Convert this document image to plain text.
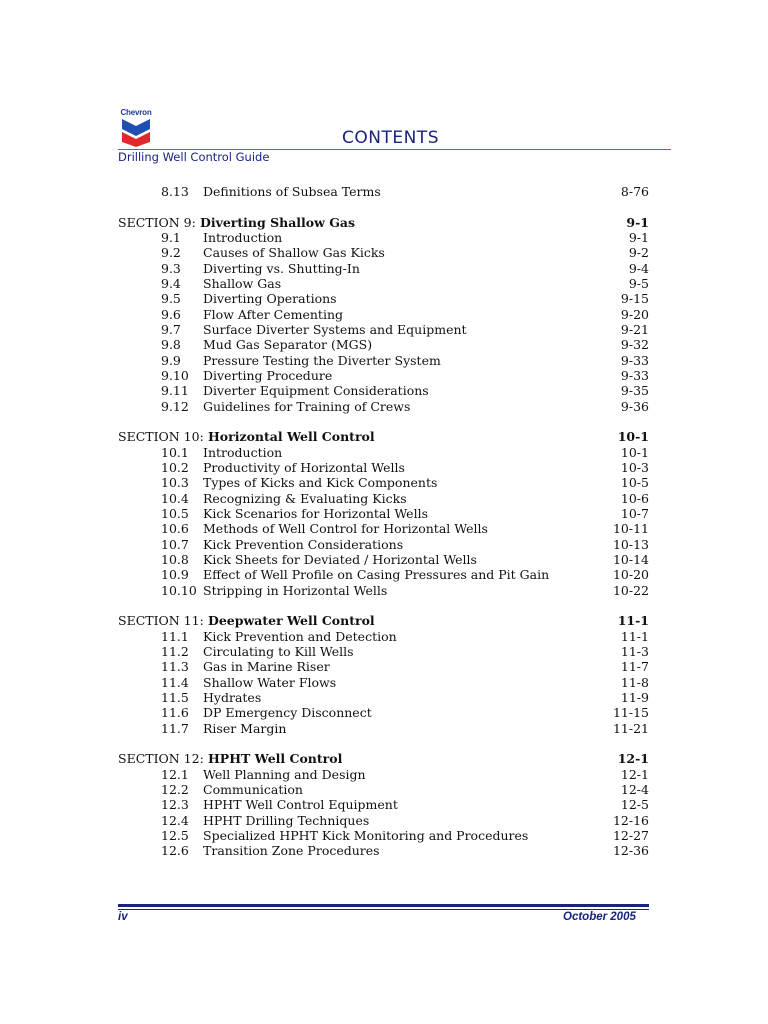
Chevron
CONTENTS
Drilling Well Control Guide
8.13 Definitions of Subsea Terms	8-76
SECTION 9: Diverting Shallow Gas	9-1
9.1 Introduction	9-1
9.2 Causes of Shallow Gas Kicks	9-2
9.3 Diverting vs. Shutting-In	9-4
9.4 Shallow Gas	9-5
9.5 Diverting Operations	9-15
9.6 Flow After Cementing	9-20
9.7 Surface Diverter Systems and Equipment	9-21
9.8 Mud Gas Separator (MGS)	9-32
9.9 Pressure Testing the Diverter System	9-33
9.10 Diverting Procedure	9-33
9.11 Diverter Equipment Considerations	9-35
9.12 Guidelines for Training of Crews	9-36
SECTION 10: Horizontal Well Control	10-1
10.1 Introduction	10-1
10.2 Productivity of Horizontal Wells	10-3
10.3 Types of Kicks and Kick Components	10-5
10.4 Recognizing & Evaluating Kicks	10-6
10.5 Kick Scenarios for Horizontal Wells	10-7
10.6 Methods of Well Control for Horizontal Wells	10-11
10.7 Kick Prevention Considerations	10-13
10.8 Kick Sheets for Deviated / Horizontal Wells	10-14
10.9 Effect of Well Profile on Casing Pressures and Pit Gain	10-20
10.10 Stripping in Horizontal Wells	10-22
SECTION 11: Deepwater Well Control	11-1
11.1 Kick Prevention and Detection	11-1
11.2 Circulating to Kill Wells	11-3
11.3 Gas in Marine Riser	11-7
11.4 Shallow Water Flows	11-8
11.5 Hydrates	11-9
11.6 DP Emergency Disconnect	11-15
11.7 Riser Margin	11-21
SECTION 12: HPHT Well Control	12-1
12.1 Well Planning and Design	12-1
12.2 Communication	12-4
12.3 HPHT Well Control Equipment	12-5
12.4 HPHT Drilling Techniques	12-16
12.5 Specialized HPHT Kick Monitoring and Procedures	12-27
12.6 Transition Zone Procedures	12-36
iv	October 2005
